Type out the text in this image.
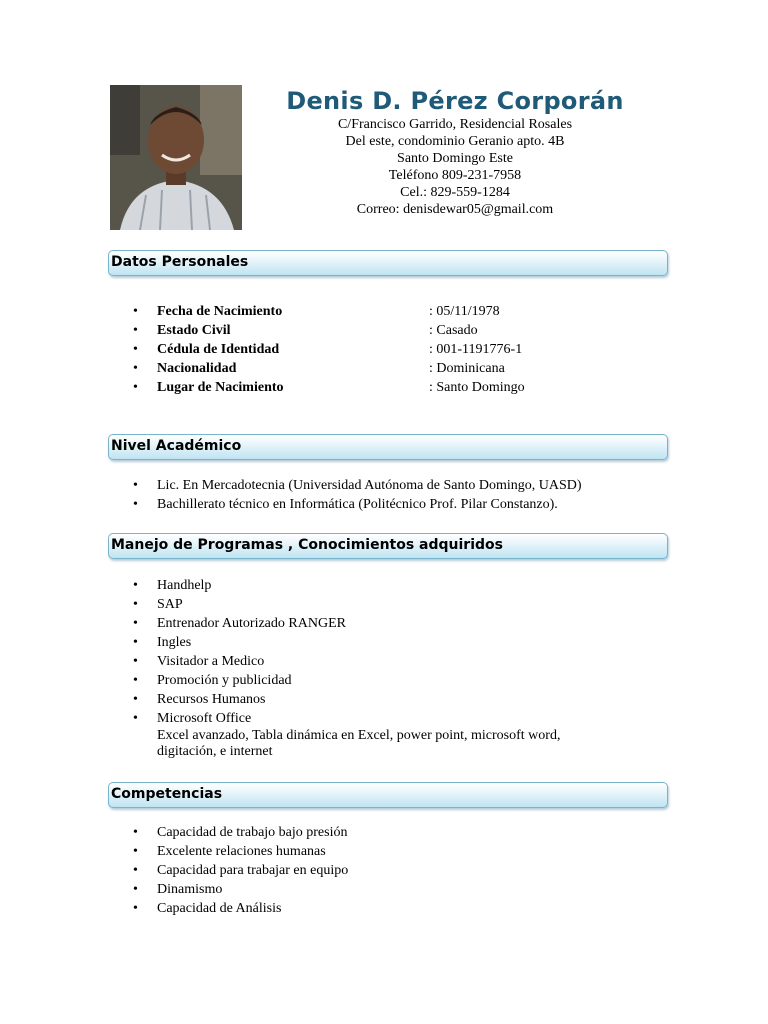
Denis D. Pérez Corporán
C/Francisco Garrido, Residencial Rosales
Del este, condominio Geranio apto. 4B
Santo Domingo Este
Teléfono 809-231-7958
Cel.: 829-559-1284
Correo: denisdewar05@gmail.com
Datos Personales
• Fecha de Nacimiento	: 05/11/1978
• Estado Civil	: Casado
• Cédula de Identidad	: 001-1191776-1
• Nacionalidad	: Dominicana
• Lugar de Nacimiento	: Santo Domingo
Nivel Académico
• Lic. En Mercadotecnia (Universidad Autónoma de Santo Domingo, UASD)
• Bachillerato técnico en Informática (Politécnico Prof. Pilar Constanzo).
Manejo de Programas , Conocimientos adquiridos
• Handhelp
• SAP
• Entrenador Autorizado RANGER
• Ingles
• Visitador a Medico
• Promoción y publicidad
• Recursos Humanos
• Microsoft Office
Excel avanzado, Tabla dinámica en Excel, power point, microsoft word,
digitación, e internet
Competencias
• Capacidad de trabajo bajo presión
• Excelente relaciones humanas
• Capacidad para trabajar en equipo
• Dinamismo
• Capacidad de Análisis
